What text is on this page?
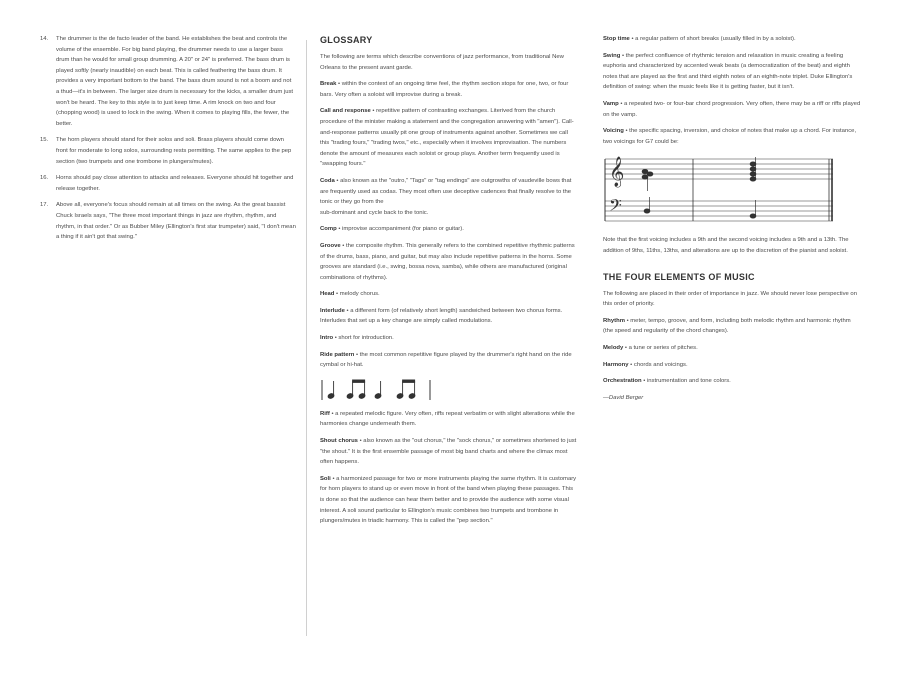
14. The drummer is the de facto leader of the band. He establishes the beat and controls the volume of the ensemble. For big band playing, the drummer needs to use a larger bass drum than he would for small group drumming. A 20" or 24" is preferred. The bass drum is played softly (nearly inaudible) on each beat. This is called feathering the bass drum. It provides a very important bottom to the band. The bass drum sound is not a boom and not a thud—it's in between. The larger size drum is necessary for the kicks, a smaller drum just won't be heard. The key to this style is to just keep time. A rim knock on two and four (chopping wood) is used to lock in the swing. When it comes to playing fills, the fewer, the better.
15. The horn players should stand for their solos and soli. Brass players should come down front for moderate to long solos, surrounding rests permitting. The same applies to the pep section (two trumpets and one trombone in plungers/mutes).
16. Horns should pay close attention to attacks and releases. Everyone should hit together and release together.
17. Above all, everyone's focus should remain at all times on the swing. As the great bassist Chuck Israels says, "The three most important things in jazz are rhythm, rhythm, and rhythm, in that order." Or as Bubber Miley (Ellington's first star trumpeter) said, "I don't mean a thing if it ain't got that swing."
GLOSSARY

The following are terms which describe conventions of jazz performance, from traditional New Orleans to the present avant garde.

Break • within the context of an ongoing time feel, the rhythm section stops for one, two, or four bars. Very often a soloist will improvise during a break.

Call and response • repetitive pattern of contrasting exchanges. Literived from the church procedure of the minister making a statement and the congregation answering with "amen"). Call-and-response patterns usually pit one group of instruments against another. Sometimes we call this "trading fours," "trading twos," etc., especially when it involves improvisation. The numbers denote the amount of measures each soloist or group plays. Another term frequently used is "swapping fours."

Coda • also known as the "outro," "Tags" or "tag endings" are outgrowths of vaudeville bows that are frequently used as codas. They most often use deceptive cadences that finally resolve to the tonic or they go from the

sub-dominant and cycle back to the tonic.

Comp • improvise accompaniment (for piano or guitar).

Groove • the composite rhythm. This generally refers to the combined repetitive rhythmic patterns of the drums, bass, piano, and guitar, but may also include repetitive patterns in the horns. Some grooves are standard (i.e., swing, bossa nova, samba), while others are manufactured (original combinations of rhythms).

Head • melody chorus.

Interlude • a different form (of relatively short length) sandwiched between two chorus forms. Interludes that set up a key change are simply called modulations.

Intro • short for introduction.

Ride pattern • the most common repetitive figure played by the drummer's right hand on the ride cymbal or hi-hat.

Riff • a repeated melodic figure. Very often, riffs repeat verbatim or with slight alterations while the harmonies change underneath them.

Shout chorus • also known as the "out chorus," the "sock chorus," or sometimes shortened to just "the shout." It is the first ensemble passage of most big band charts and where the climax most often happens.

Soli • a harmonized passage for two or more instruments playing the same rhythm. It is customary for horn players to stand up or even move in front of the band when playing these passages. This is done so that the audience can hear them better and to provide the audience with some visual interest. A soli sound particular to Ellington's music combines two trumpets and trombone in plungers/mutes in triadic harmony. This is called the "pep section."

Stop time • a regular pattern of short breaks (usually filled in by a soloist).

Swing • the perfect confluence of rhythmic tension and relaxation in music creating a feeling euphoria and characterized by accented weak beats (a democratization of the beat) and eighth notes that are played as the first and third eighth notes of an eighth-note triplet. Duke Ellington's definition of swing: when the music feels like it is getting faster, but it isn't.

Vamp • a repeated two- or four-bar chord progression. Very often, there may be a riff or riffs played on the vamp.

Voicing • the specific spacing, inversion, and choice of notes that make up a chord. For instance, two voicings for G7 could be:

𝄞
𝄢

Note that the first voicing includes a 9th and the second voicing includes a 9th and a 13th. The addition of 9ths, 11ths, 13ths, and alterations are up to the discretion of the pianist and soloist.

THE FOUR ELEMENTS OF MUSIC

The following are placed in their order of importance in jazz. We should never lose perspective on this order of priority.

Rhythm • meter, tempo, groove, and form, including both melodic rhythm and harmonic rhythm (the speed and regularity of the chord changes).

Melody • a tune or series of pitches.

Harmony • chords and voicings.

Orchestration • instrumentation and tone colors.

—David Berger
